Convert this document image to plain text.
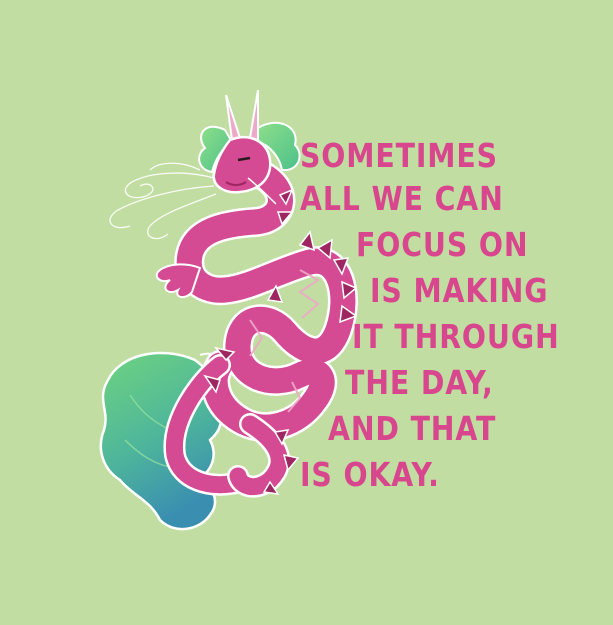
SOMETIMES
ALL WE CAN
FOCUS ON
IS MAKING
IT THROUGH
THE DAY,
AND THAT
IS OKAY.
